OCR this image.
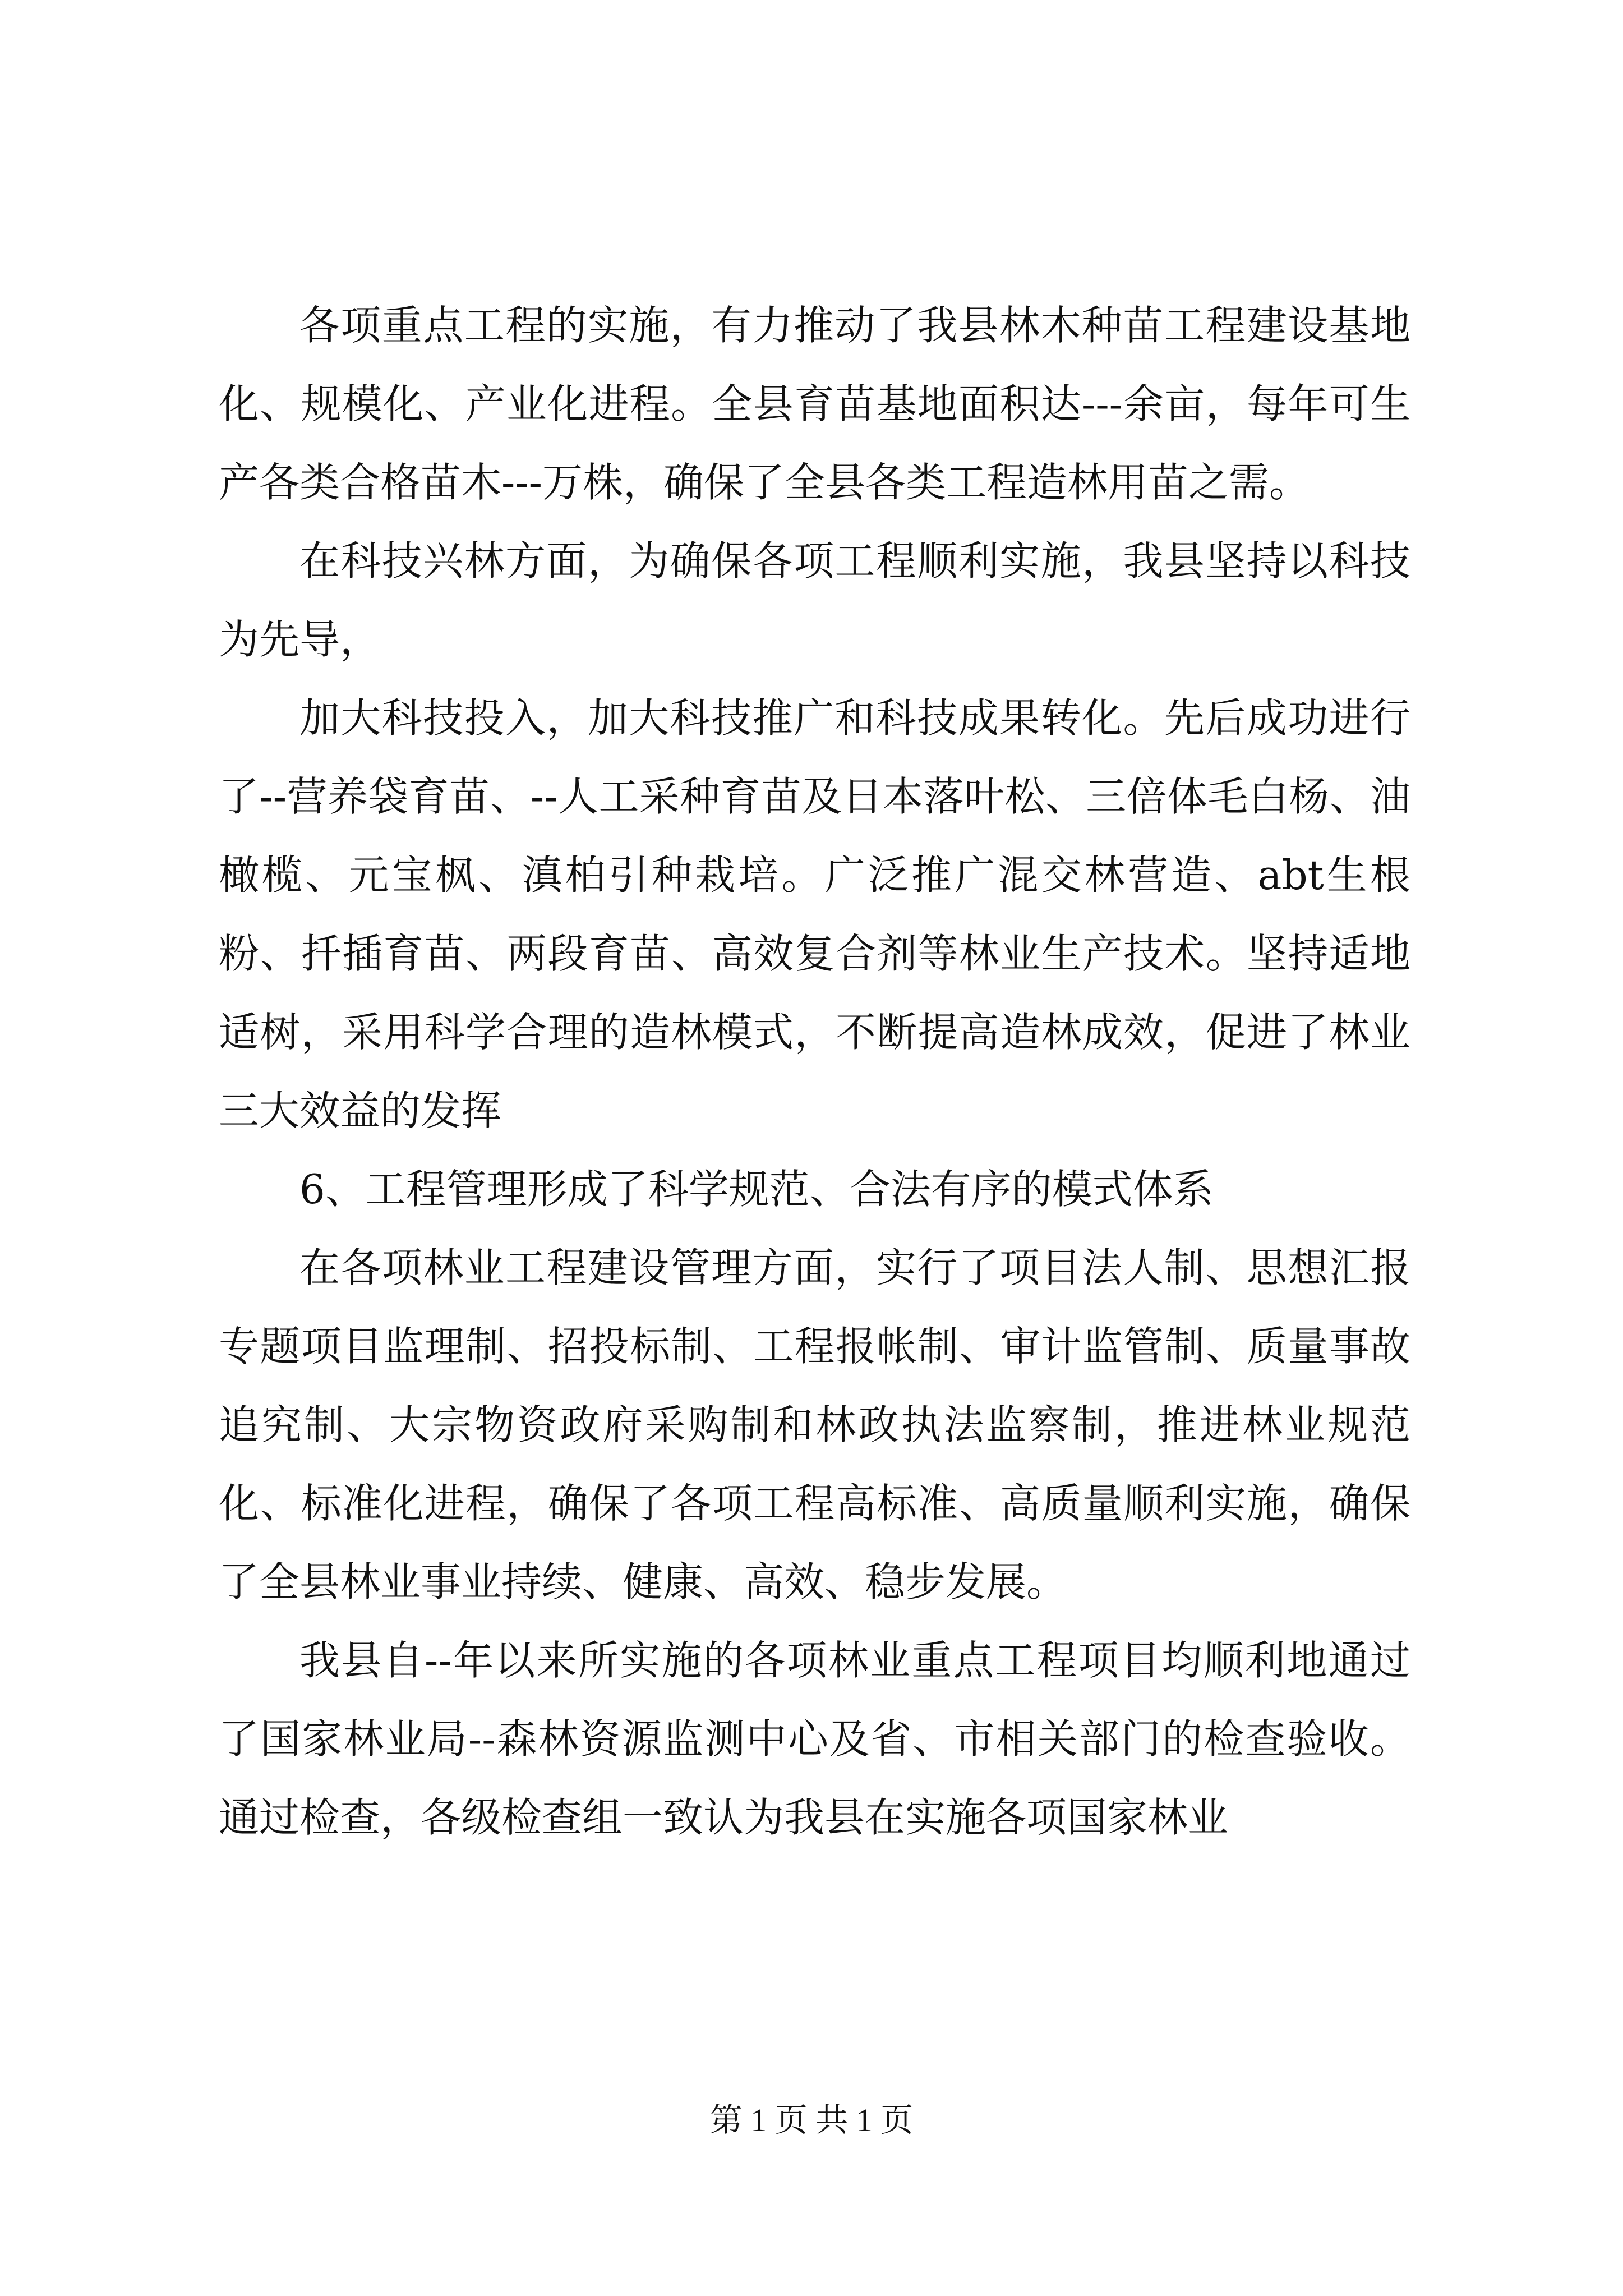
各项重点工程的实施，有力推动了我县林木种苗工程建设基地化、规模化、产业化进程。全县育苗基地面积达---余亩，每年可生产各类合格苗木---万株，确保了全县各类工程造林用苗之需。

在科技兴林方面，为确保各项工程顺利实施，我县坚持以科技为先导，

加大科技投入，加大科技推广和科技成果转化。先后成功进行了--营养袋育苗、--人工采种育苗及日本落叶松、三倍体毛白杨、油橄榄、元宝枫、滇柏引种栽培。广泛推广混交林营造、abt生根粉、扦插育苗、两段育苗、高效复合剂等林业生产技术。坚持适地适树，采用科学合理的造林模式，不断提高造林成效，促进了林业三大效益的发挥

6、工程管理形成了科学规范、合法有序的模式体系

在各项林业工程建设管理方面，实行了项目法人制、思想汇报专题项目监理制、招投标制、工程报帐制、审计监管制、质量事故追究制、大宗物资政府采购制和林政执法监察制，推进林业规范化、标准化进程，确保了各项工程高标准、高质量顺利实施，确保了全县林业事业持续、健康、高效、稳步发展。

我县自--年以来所实施的各项林业重点工程项目均顺利地通过了国家林业局--森林资源监测中心及省、市相关部门的检查验收。通过检查，各级检查组一致认为我县在实施各项国家林业

第 1 页 共 1 页
